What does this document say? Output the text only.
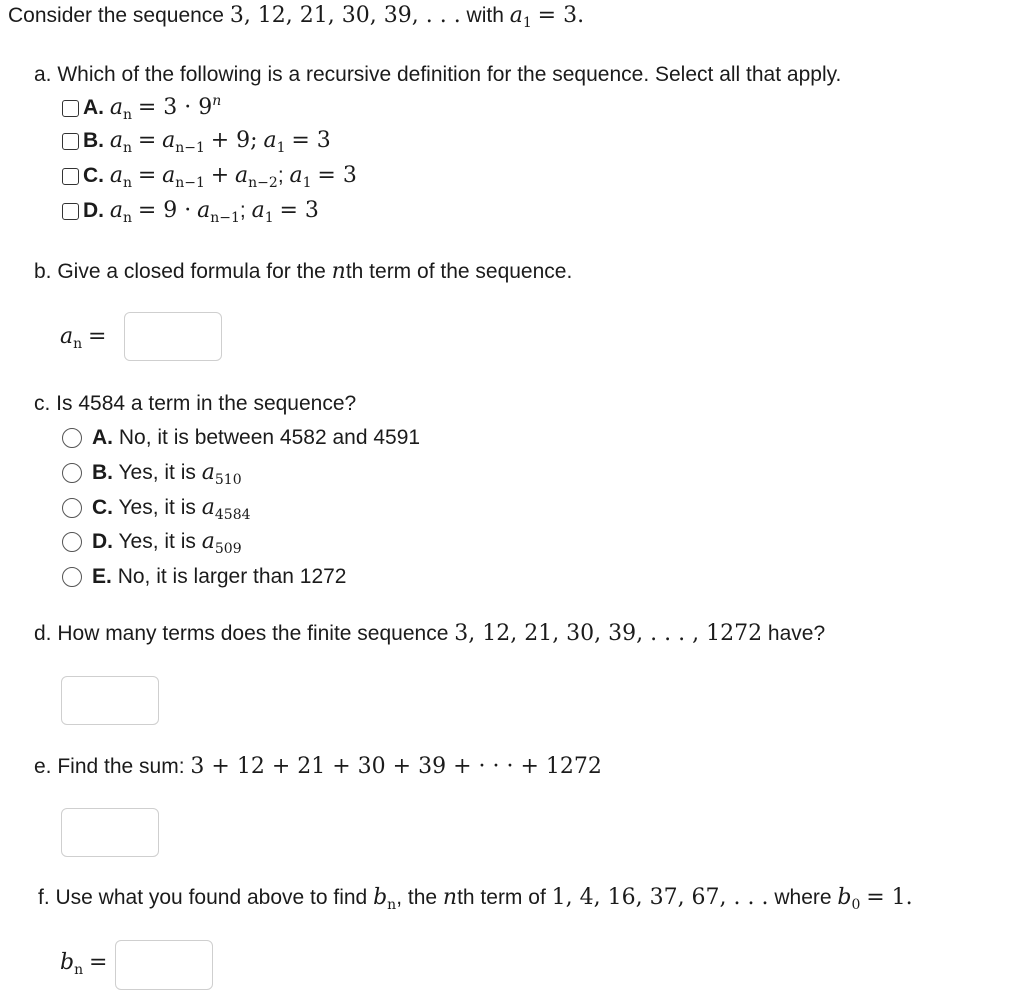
Consider the sequence 3, 12, 21, 30, 39, . . . with $a_1 = 3$.
a. Which of the following is a recursive definition for the sequence. Select all that apply.
A. $a_n = 3 \cdot 9^n$
B. $a_n = a_{n-1} + 9$; $a_1 = 3$
C. $a_n = a_{n-1} + a_{n-2}$; $a_1 = 3$
D. $a_n = 9 \cdot a_{n-1}$; $a_1 = 3$
b. Give a closed formula for the nth term of the sequence.
$a_n$ =
c. Is 4584 a term in the sequence?
A. No, it is between 4582 and 4591
B. Yes, it is $a_{510}$
C. Yes, it is $a_{4584}$
D. Yes, it is $a_{509}$
E. No, it is larger than 1272
d. How many terms does the finite sequence 3, 12, 21, 30, 39, . . . , 1272 have?
e. Find the sum: 3 + 12 + 21 + 30 + 39 + · · · + 1272
f. Use what you found above to find $b_n$, the nth term of 1, 4, 16, 37, 67, . . . where $b_0 = 1$.
$b_n$ =
